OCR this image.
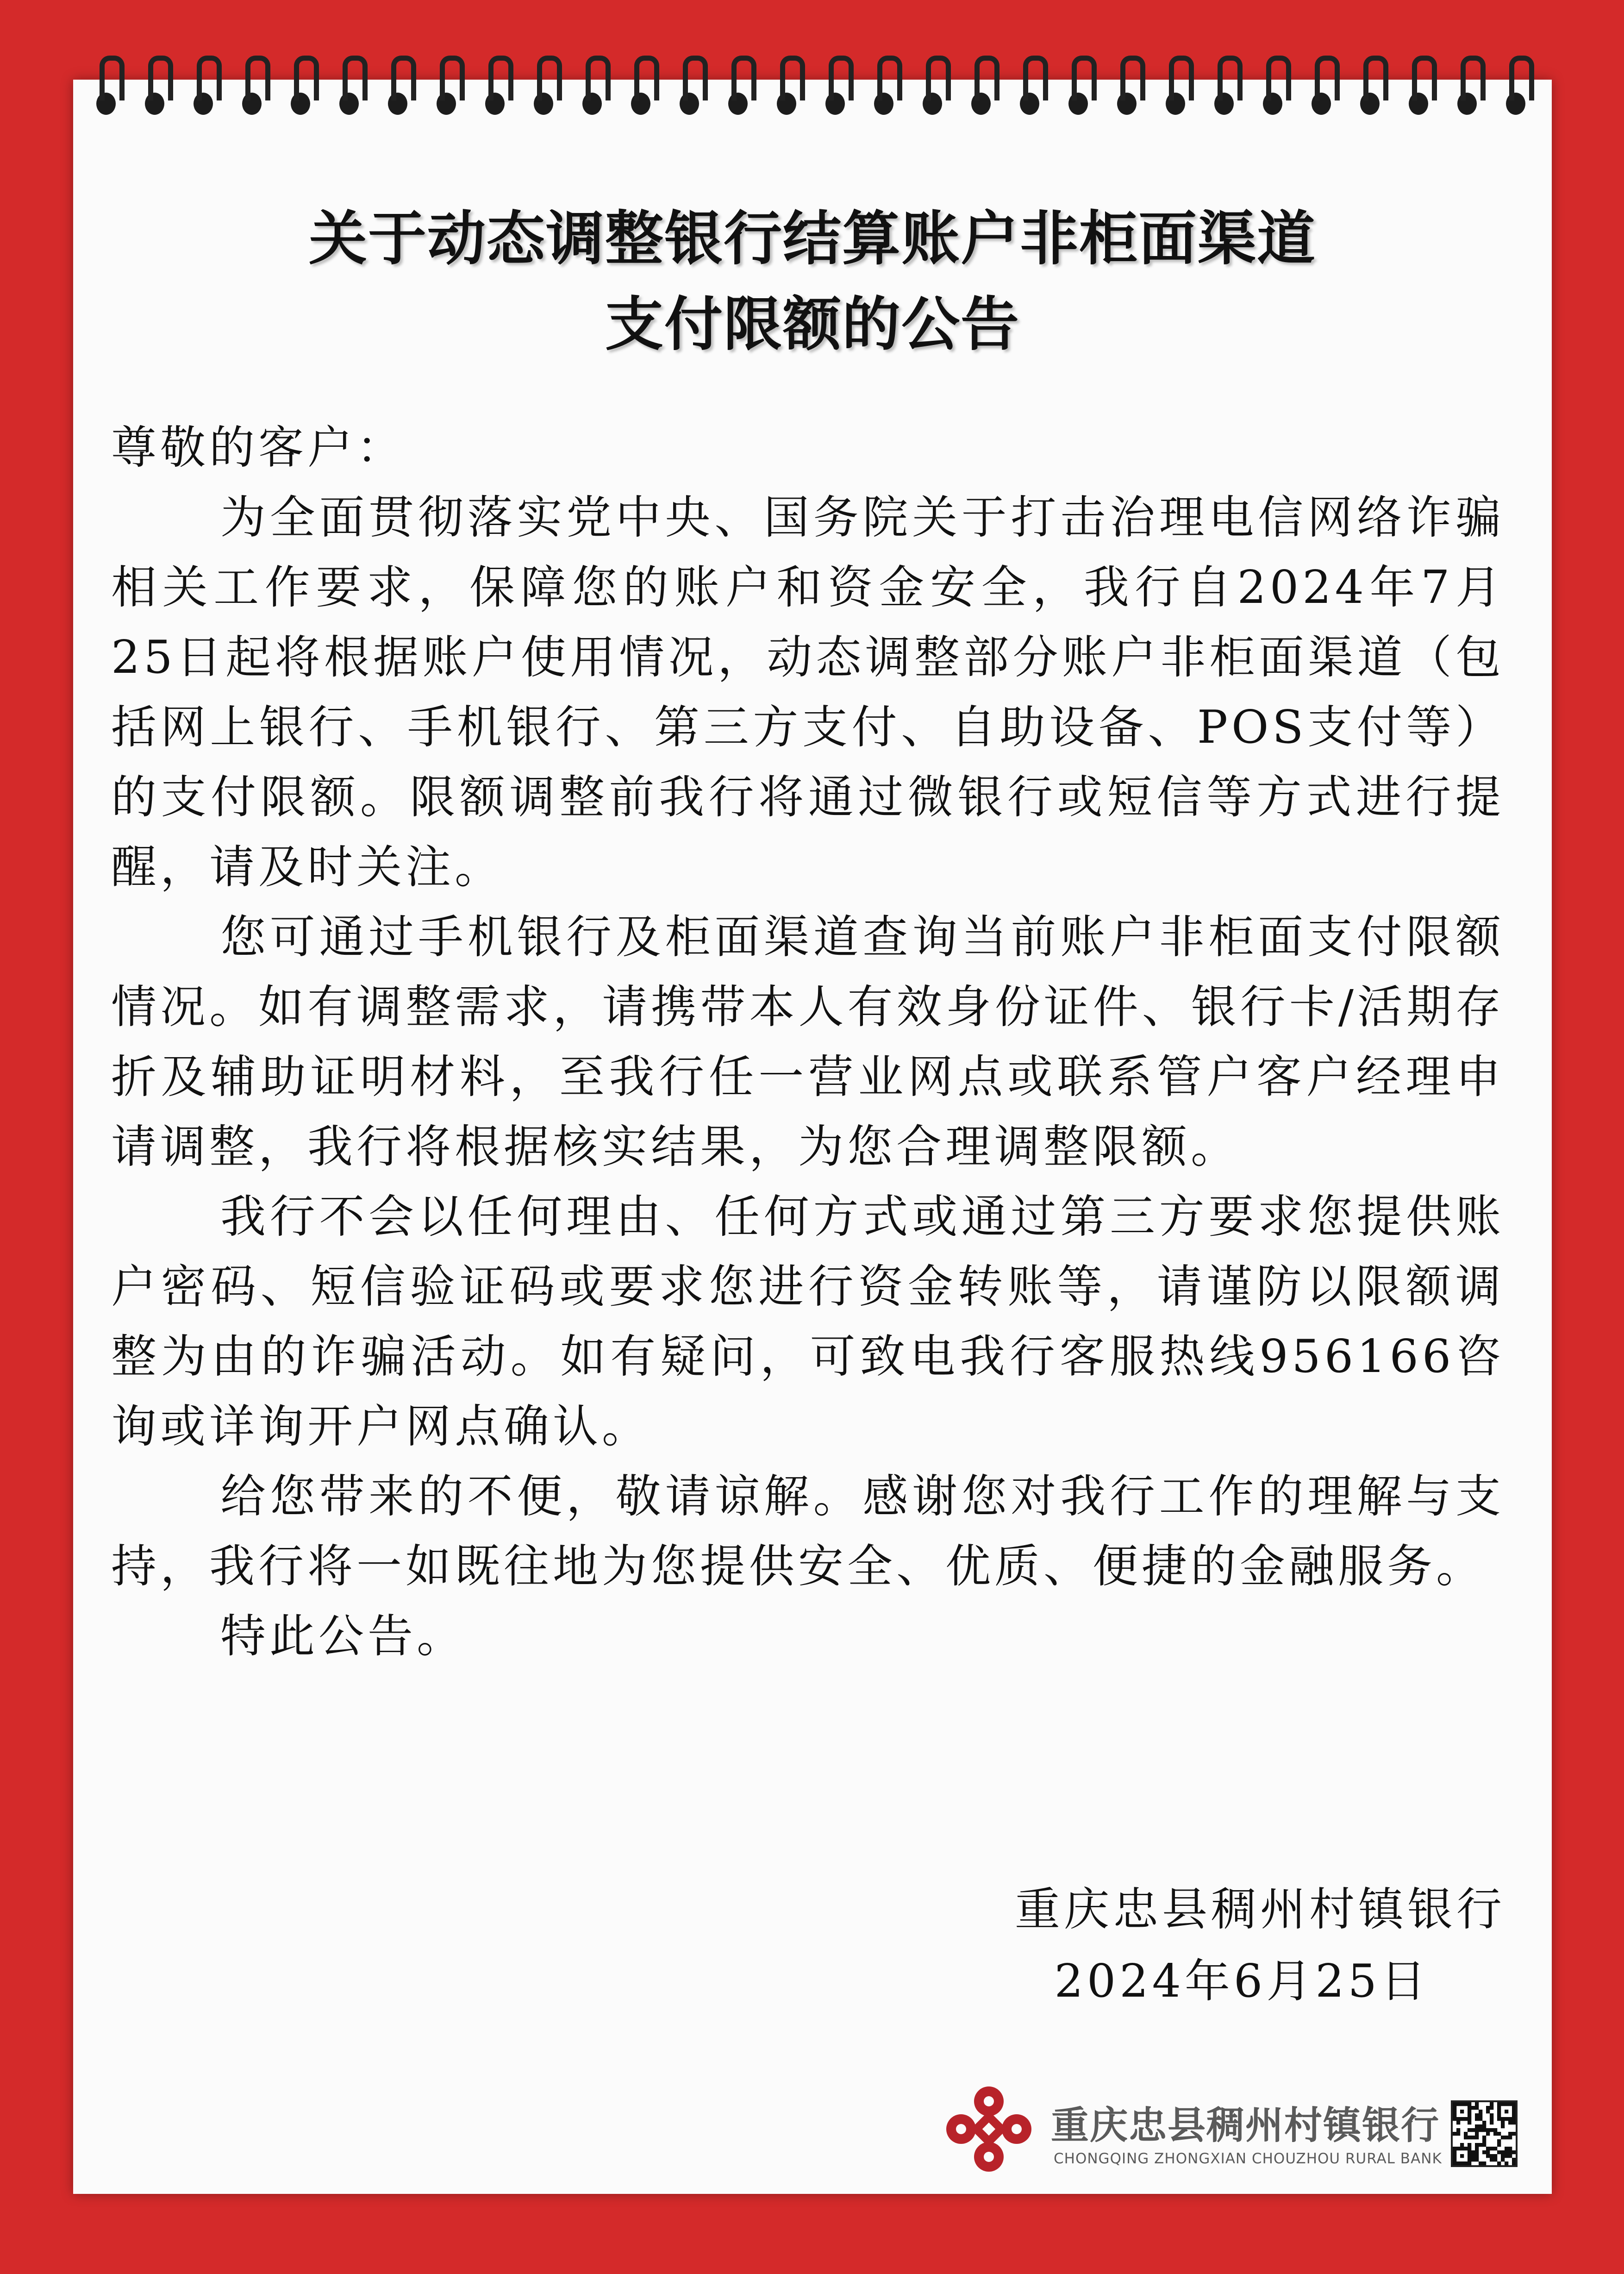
关于动态调整银行结算账户非柜面渠道
支付限额的公告

尊敬的客户：

为全面贯彻落实党中央、国务院关于打击治理电信网络诈骗相关工作要求，保障您的账户和资金安全，我行自2024年7月25日起将根据账户使用情况，动态调整部分账户非柜面渠道（包括网上银行、手机银行、第三方支付、自助设备、POS支付等）的支付限额。限额调整前我行将通过微银行或短信等方式进行提醒，请及时关注。

您可通过手机银行及柜面渠道查询当前账户非柜面支付限额情况。如有调整需求，请携带本人有效身份证件、银行卡/活期存折及辅助证明材料，至我行任一营业网点或联系管户客户经理申请调整，我行将根据核实结果，为您合理调整限额。

我行不会以任何理由、任何方式或通过第三方要求您提供账户密码、短信验证码或要求您进行资金转账等，请谨防以限额调整为由的诈骗活动。如有疑问，可致电我行客服热线956166咨询或详询开户网点确认。

给您带来的不便，敬请谅解。感谢您对我行工作的理解与支持，我行将一如既往地为您提供安全、优质、便捷的金融服务。

特此公告。

重庆忠县稠州村镇银行
2024年6月25日
重庆忠县稠州村镇银行
CHONGQING ZHONGXIAN CHOUZHOU RURAL BANK
